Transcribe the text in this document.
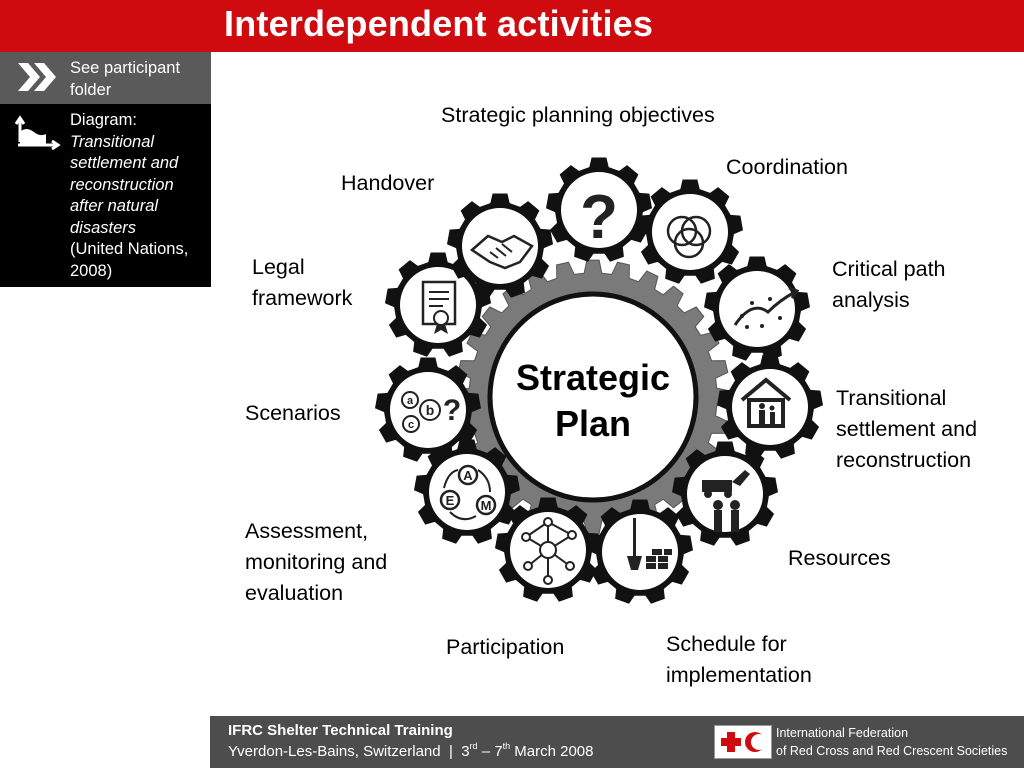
Interdependent activities
See participant folder
Diagram:
Transitional settlement and reconstruction after natural disasters
(United Nations, 2008)
Strategic
Plan
?
A
E M
a
b
c ?
Strategic planning objectives
Coordination
Critical path analysis
Transitional settlement and reconstruction
Resources
Schedule for implementation
Participation
Assessment, monitoring and evaluation
Scenarios
Legal framework
Handover
IFRC Shelter Technical Training
Yverdon-Les-Bains, Switzerland | 3rd – 7th March 2008
International Federation
of Red Cross and Red Crescent Societies
